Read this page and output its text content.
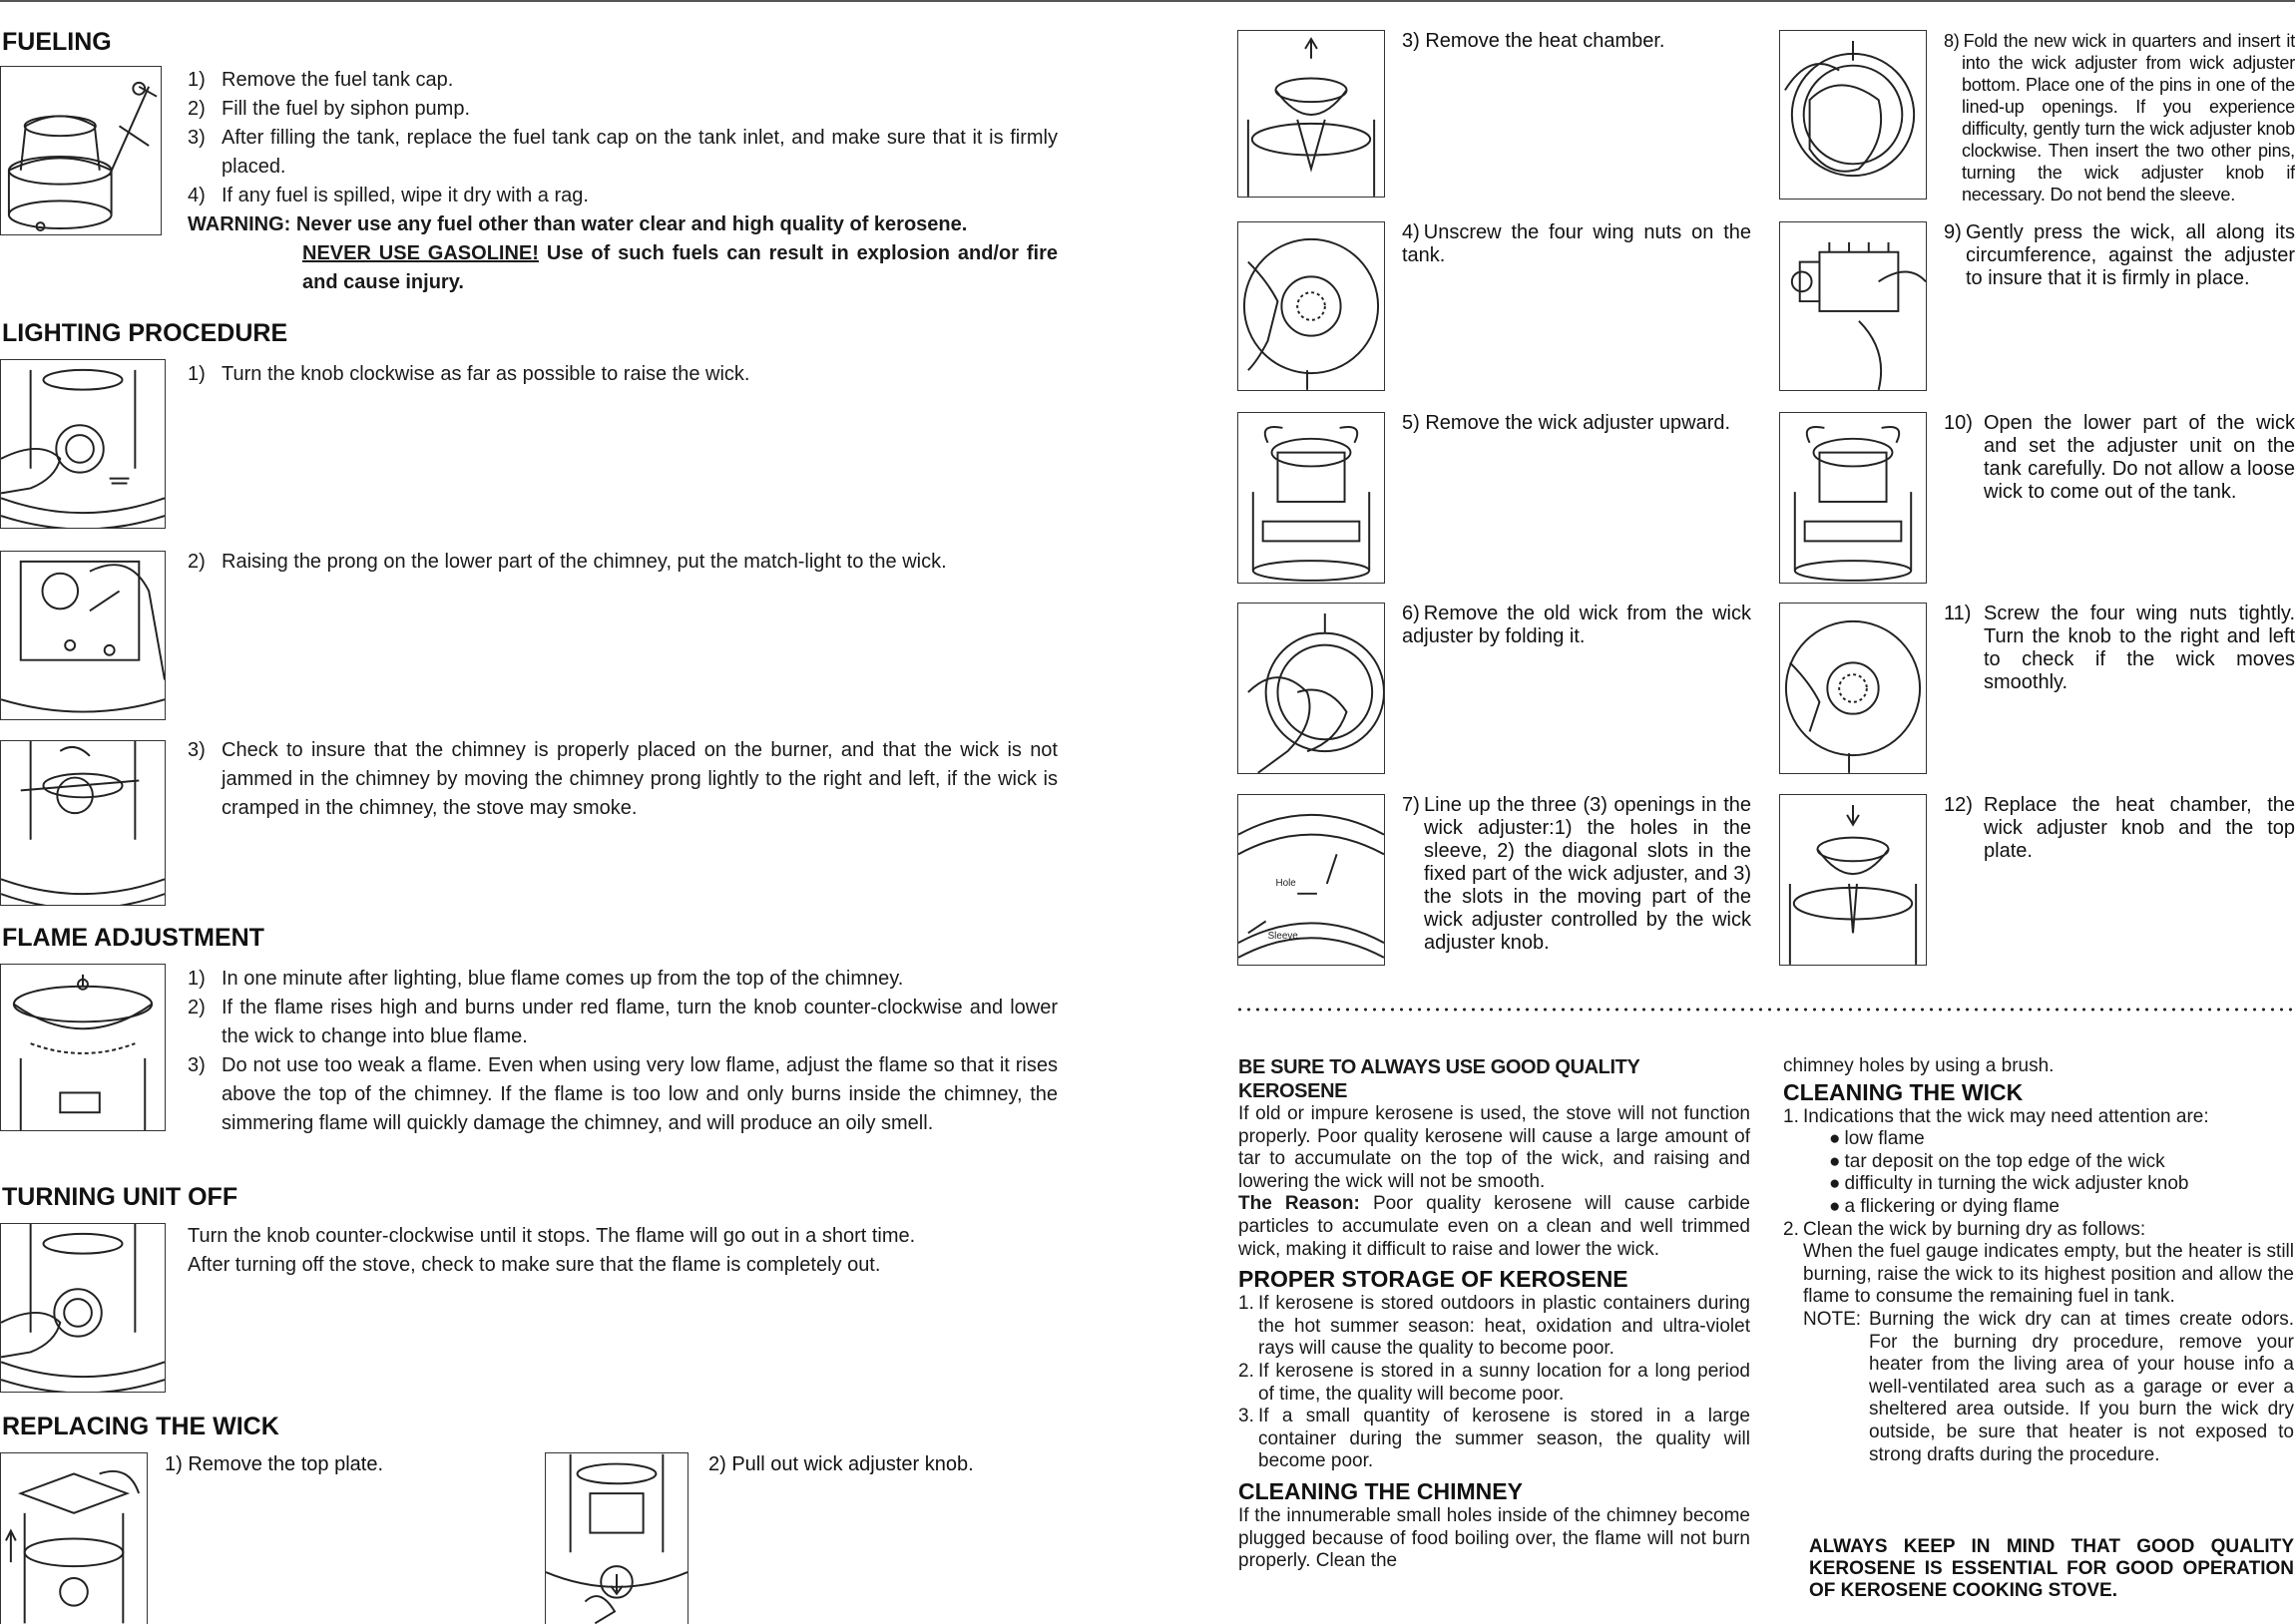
FUELING
1) Remove the fuel tank cap.
2) Fill the fuel by siphon pump.
3) After filling the tank, replace the fuel tank cap on the tank inlet, and make sure that it is firmly placed.
4) If any fuel is spilled, wipe it dry with a rag.
WARNING: Never use any fuel other than water clear and high quality of kerosene.
NEVER USE GASOLINE! Use of such fuels can result in explosion and/or fire and cause injury.
LIGHTING PROCEDURE
1) Turn the knob clockwise as far as possible to raise the wick.
2) Raising the prong on the lower part of the chimney, put the match-light to the wick.
3) Check to insure that the chimney is properly placed on the burner, and that the wick is not jammed in the chimney by moving the chimney prong lightly to the right and left, if the wick is cramped in the chimney, the stove may smoke.
FLAME ADJUSTMENT
1) In one minute after lighting, blue flame comes up from the top of the chimney.
2) If the flame rises high and burns under red flame, turn the knob counter-clockwise and lower the wick to change into blue flame.
3) Do not use too weak a flame. Even when using very low flame, adjust the flame so that it rises above the top of the chimney. If the flame is too low and only burns inside the chimney, the simmering flame will quickly damage the chimney, and will produce an oily smell.
TURNING UNIT OFF
Turn the knob counter-clockwise until it stops. The flame will go out in a short time.
After turning off the stove, check to make sure that the flame is completely out.
REPLACING THE WICK
1) Remove the top plate.	2) Pull out wick adjuster knob.
3) Remove the heat chamber.
4) Unscrew the four wing nuts on the tank.
5) Remove the wick adjuster upward.
6) Remove the old wick from the wick adjuster by folding it.
Hole
Sleeve
7) Line up the three (3) openings in the wick adjuster:1) the holes in the sleeve, 2) the diagonal slots in the fixed part of the wick adjuster, and 3) the slots in the moving part of the wick adjuster controlled by the wick adjuster knob.
8) Fold the new wick in quarters and insert it into the wick adjuster from wick adjuster bottom. Place one of the pins in one of the lined-up openings. If you experience difficulty, gently turn the wick adjuster knob clockwise. Then insert the two other pins, turning the wick adjuster knob if necessary. Do not bend the sleeve.
9) Gently press the wick, all along its circumference, against the adjuster to insure that it is firmly in place.
10) Open the lower part of the wick and set the adjuster unit on the tank carefully. Do not allow a loose wick to come out of the tank.
11) Screw the four wing nuts tightly. Turn the knob to the right and left to check if the wick moves smoothly.
12) Replace the heat chamber, the wick adjuster knob and the top plate.
BE SURE TO ALWAYS USE GOOD QUALITY KEROSENE
If old or impure kerosene is used, the stove will not function properly. Poor quality kerosene will cause a large amount of tar to accumulate on the top of the wick, and raising and lowering the wick will not be smooth.
The Reason: Poor quality kerosene will cause carbide particles to accumulate even on a clean and well trimmed wick, making it difficult to raise and lower the wick.
PROPER STORAGE OF KEROSENE
1. If kerosene is stored outdoors in plastic containers during the hot summer season: heat, oxidation and ultra-violet rays will cause the quality to become poor.
2. If kerosene is stored in a sunny location for a long period of time, the quality will become poor.
3. If a small quantity of kerosene is stored in a large container during the summer season, the quality will become poor.
CLEANING THE CHIMNEY
If the innumerable small holes inside of the chimney become plugged because of food boiling over, the flame will not burn properly. Clean the
chimney holes by using a brush.
CLEANING THE WICK
1. Indications that the wick may need attention are:
● low flame
● tar deposit on the top edge of the wick
● difficulty in turning the wick adjuster knob
● a flickering or dying flame
2. Clean the wick by burning dry as follows:
When the fuel gauge indicates empty, but the heater is still burning, raise the wick to its highest position and allow the flame to consume the remaining fuel in tank.
NOTE: Burning the wick dry can at times create odors. For the burning dry procedure, remove your heater from the living area of your house info a well-ventilated area such as a garage or ever a sheltered area outside. If you burn the wick dry outside, be sure that heater is not exposed to strong drafts during the procedure.
ALWAYS KEEP IN MIND THAT GOOD QUALITY KEROSENE IS ESSENTIAL FOR GOOD OPERATION OF KEROSENE COOKING STOVE.
